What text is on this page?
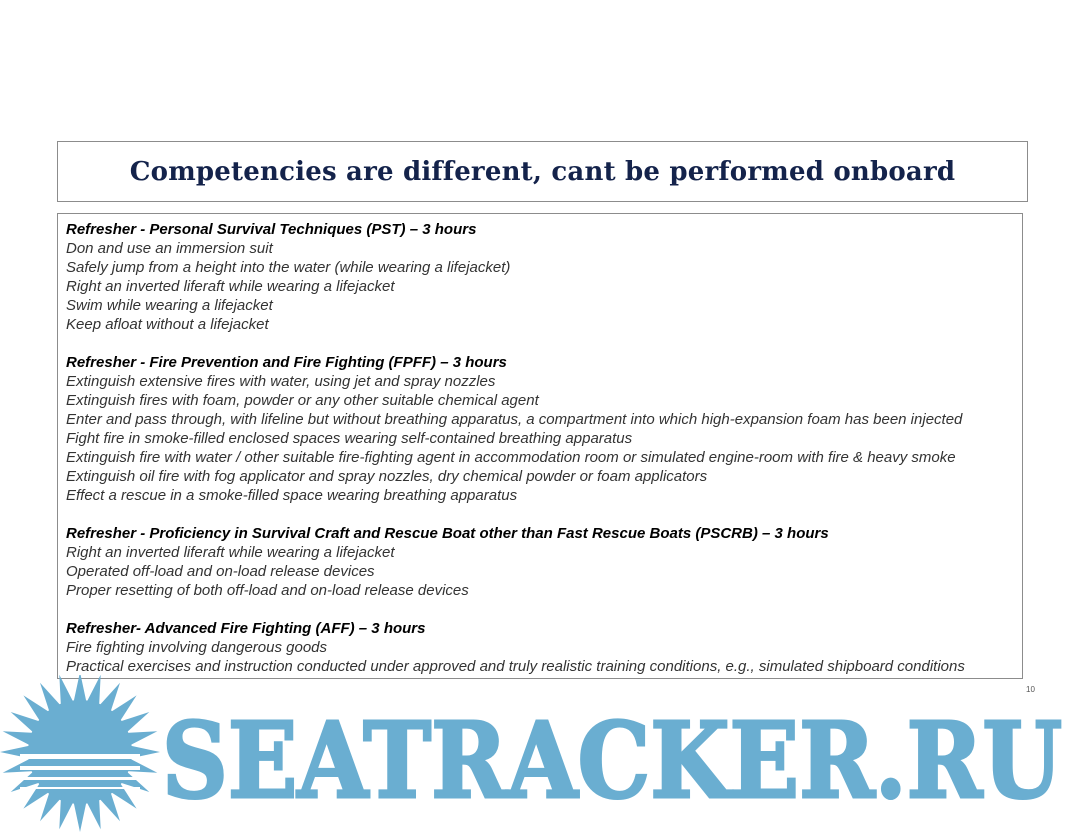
Competencies are different, cant be performed onboard
Refresher - Personal Survival Techniques (PST) – 3 hours
Don and use an immersion suit
Safely jump from a height into the water (while wearing a lifejacket)
Right an inverted liferaft while wearing a lifejacket
Swim while wearing a lifejacket
Keep afloat without a lifejacket
Refresher - Fire Prevention and Fire Fighting (FPFF) – 3 hours
Extinguish extensive fires with water, using jet and spray nozzles
Extinguish fires with foam, powder or any other suitable chemical agent
Enter and pass through, with lifeline but without breathing apparatus, a compartment into which high-expansion foam has been injected
Fight fire in smoke-filled enclosed spaces wearing self-contained breathing apparatus
Extinguish fire with water / other suitable fire-fighting agent in accommodation room or simulated engine-room with fire & heavy smoke
Extinguish oil fire with fog applicator and spray nozzles, dry chemical powder or foam applicators
Effect a rescue in a smoke-filled space wearing breathing apparatus
Refresher - Proficiency in Survival Craft and Rescue Boat other than Fast Rescue Boats (PSCRB) – 3 hours
Right an inverted liferaft while wearing a lifejacket
Operated off-load and on-load release devices
Proper resetting of both off-load and on-load release devices
Refresher- Advanced Fire Fighting (AFF) – 3 hours
Fire fighting involving dangerous goods
Practical exercises and instruction conducted under approved and truly realistic training conditions, e.g., simulated shipboard conditions
10
SEATRACKER.RU
